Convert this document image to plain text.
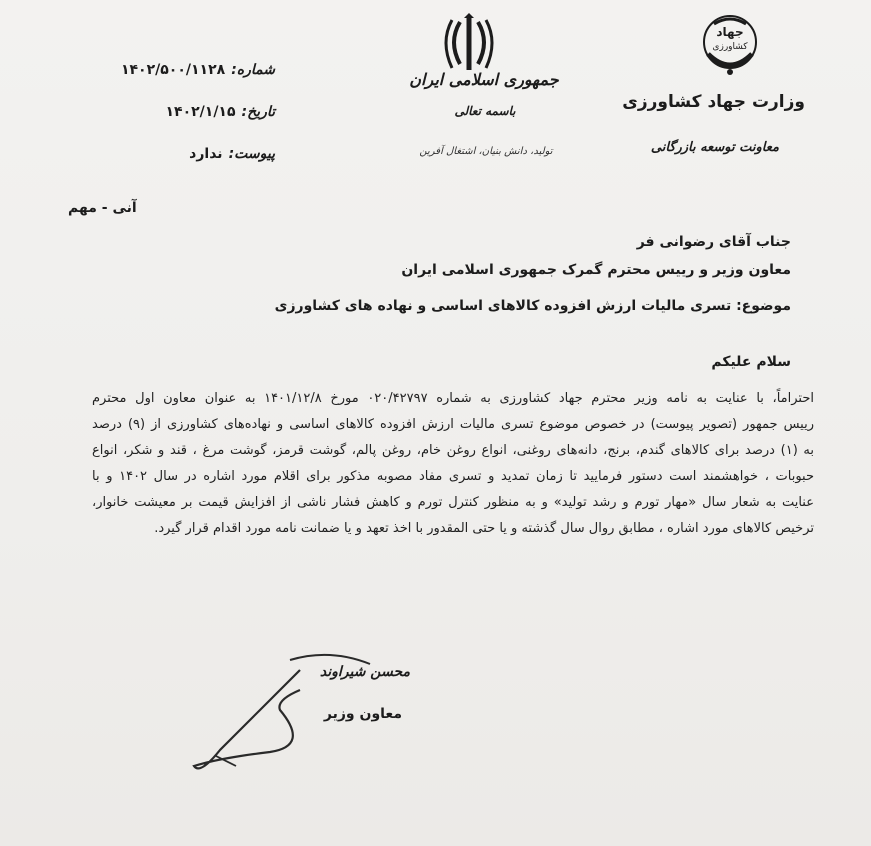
جهاد
کشاورزی
وزارت جهاد کشاورزی
معاونت توسعه بازرگانی
جمهوری اسلامی ایران
باسمه تعالی
تولید، دانش بنیان، اشتغال آفرین
شماره:۱۴۰۲/۵۰۰/۱۱۲۸
تاریخ:۱۴۰۲/۱/۱۵
پیوست:ندارد
آنی - مهم
جناب آقای رضوانی فر
معاون وزیر و رییس محترم گمرک جمهوری اسلامی ایران
موضوع: تسری مالیات ارزش افزوده کالاهای اساسی و نهاده های کشاورزی
سلام علیکم
احتراماً، با عنایت به نامه وزیر محترم جهاد کشاورزی به شماره ۰۲۰/۴۲۷۹۷ مورخ ۱۴۰۱/۱۲/۸ به عنوان معاون اول محترم
رییس جمهور (تصویر پیوست) در خصوص موضوع تسری مالیات ارزش افزوده کالاهای اساسی و نهاده‌های کشاورزی از (۹) درصد
به (۱) درصد برای کالاهای گندم، برنج، دانه‌های روغنی، انواع روغن خام، روغن پالم، گوشت قرمز، گوشت مرغ ، قند و شکر، انواع
حبوبات ، خواهشمند است دستور فرمایید تا زمان تمدید و تسری مفاد مصوبه مذکور برای اقلام مورد اشاره در سال ۱۴۰۲ و با
عنایت به شعار سال «مهار تورم و رشد تولید» و به منظور کنترل تورم و کاهش فشار ناشی از افزایش قیمت بر معیشت خانوار،
ترخیص کالاهای مورد اشاره ، مطابق روال سال گذشته و یا حتی المقدور با اخذ تعهد و یا ضمانت نامه مورد اقدام قرار گیرد.
محسن شیراوند
معاون وزیر
